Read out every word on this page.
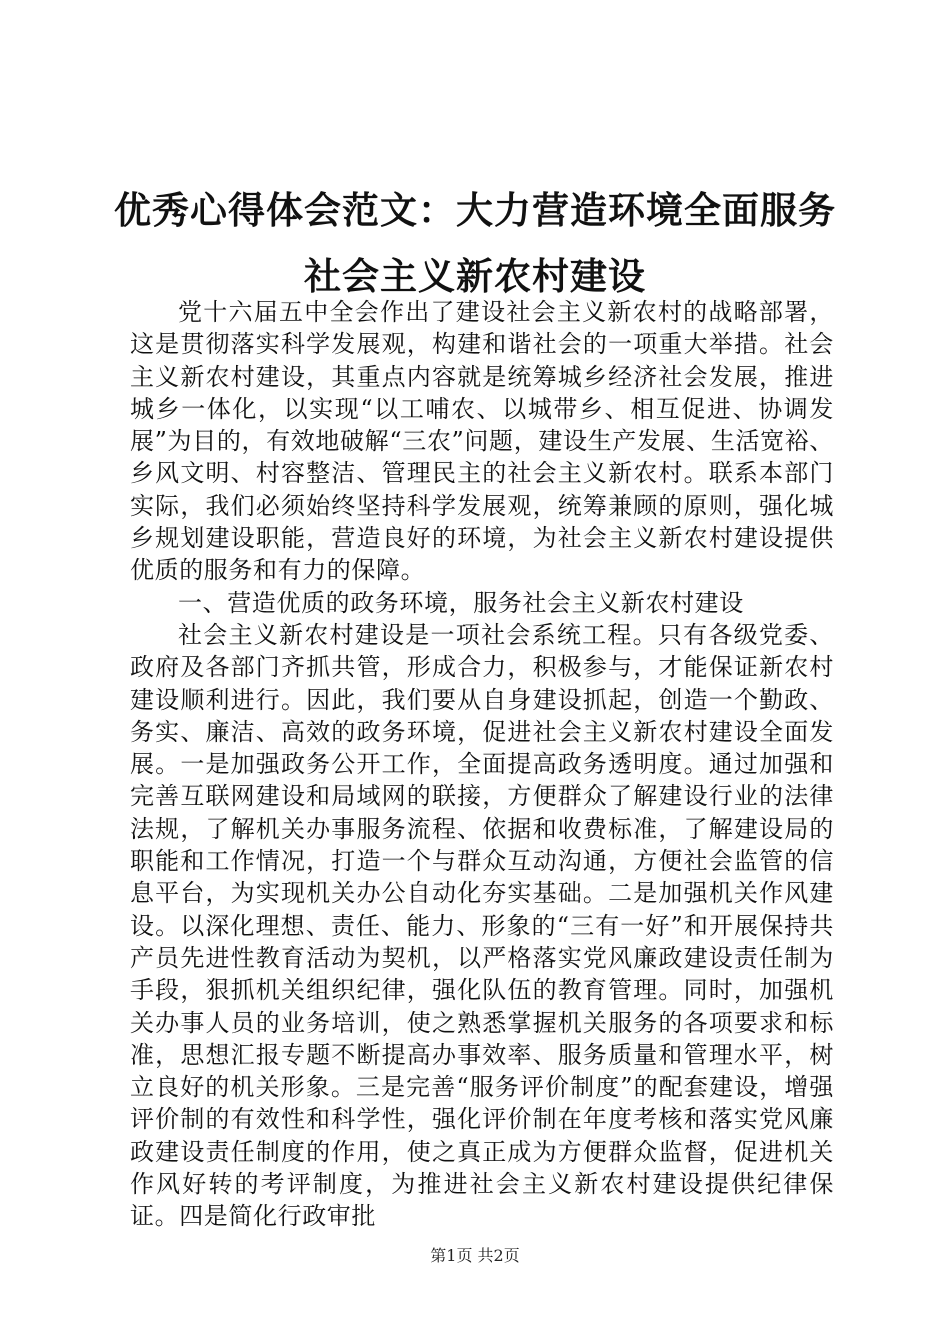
优秀心得体会范文：大力营造环境全面服务社会主义新农村建设

党十六届五中全会作出了建设社会主义新农村的战略部署，这是贯彻落实科学发展观，构建和谐社会的一项重大举措。社会主义新农村建设，其重点内容就是统筹城乡经济社会发展，推进城乡一体化，以实现“以工哺农、以城带乡、相互促进、协调发展”为目的，有效地破解“三农”问题，建设生产发展、生活宽裕、乡风文明、村容整洁、管理民主的社会主义新农村。联系本部门实际，我们必须始终坚持科学发展观，统筹兼顾的原则，强化城乡规划建设职能，营造良好的环境，为社会主义新农村建设提供优质的服务和有力的保障。

一、营造优质的政务环境，服务社会主义新农村建设

社会主义新农村建设是一项社会系统工程。只有各级党委、政府及各部门齐抓共管，形成合力，积极参与，才能保证新农村建设顺利进行。因此，我们要从自身建设抓起，创造一个勤政、务实、廉洁、高效的政务环境，促进社会主义新农村建设全面发展。一是加强政务公开工作，全面提高政务透明度。通过加强和完善互联网建设和局域网的联接，方便群众了解建设行业的法律法规，了解机关办事服务流程、依据和收费标准，了解建设局的职能和工作情况，打造一个与群众互动沟通，方便社会监管的信息平台，为实现机关办公自动化夯实基础。二是加强机关作风建设。以深化理想、责任、能力、形象的“三有一好”和开展保持共产员先进性教育活动为契机，以严格落实党风廉政建设责任制为手段，狠抓机关组织纪律，强化队伍的教育管理。同时，加强机关办事人员的业务培训，使之熟悉掌握机关服务的各项要求和标准，思想汇报专题不断提高办事效率、服务质量和管理水平，树立良好的机关形象。三是完善“服务评价制度”的配套建设，增强评价制的有效性和科学性，强化评价制在年度考核和落实党风廉政建设责任制度的作用，使之真正成为方便群众监督，促进机关作风好转的考评制度，为推进社会主义新农村建设提供纪律保证。四是简化行政审批

第1页 共2页
